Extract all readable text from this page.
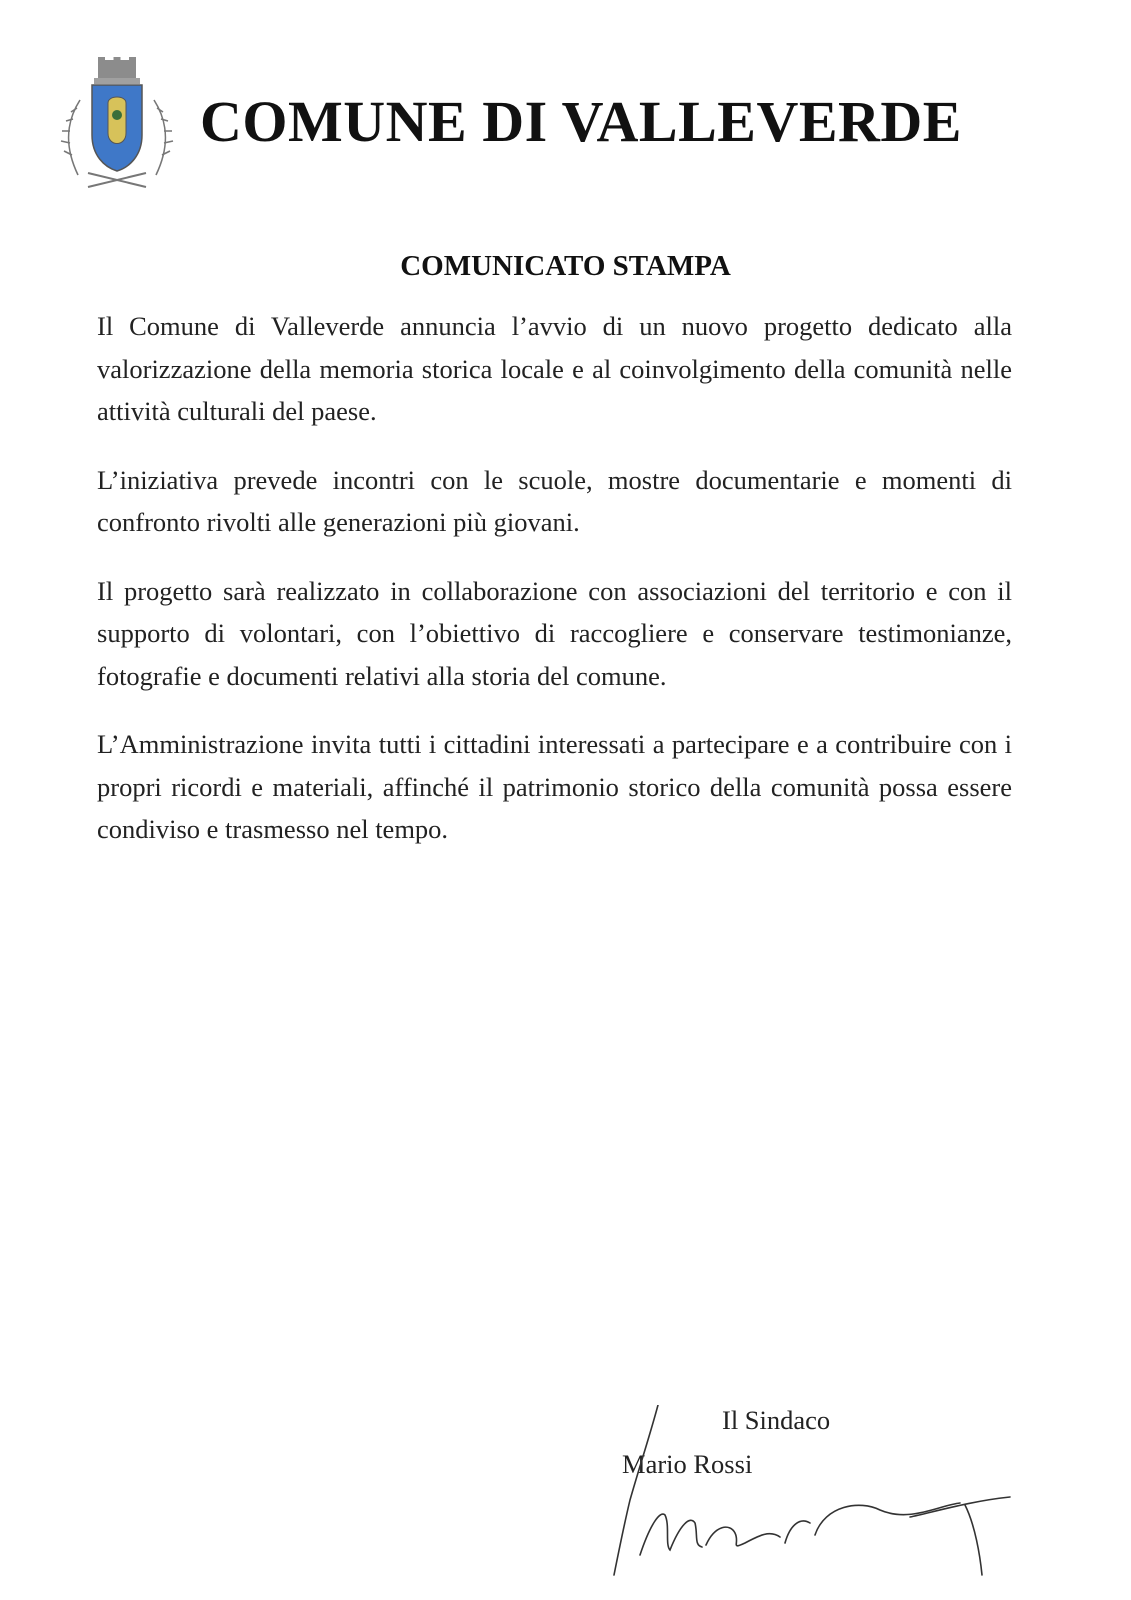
COMUNE DI VALLEVERDE
COMUNICATO STAMPA

Il Comune di Valleverde annuncia l’avvio di un nuovo progetto dedicato alla valorizzazione della memoria storica locale e al coinvolgimento della comunità nelle attività culturali del paese.

L’iniziativa prevede incontri con le scuole, mostre documentarie e momenti di confronto rivolti alle generazioni più giovani.

Il progetto sarà realizzato in collaborazione con associazioni del territorio e con il supporto di volontari, con l’obiettivo di raccogliere e conservare testimonianze, fotografie e documenti relativi alla storia del comune.

L’Amministrazione invita tutti i cittadini interessati a partecipare e a contribuire con i propri ricordi e materiali, affinché il patrimonio storico della comunità possa essere condiviso e trasmesso nel tempo.

Il Sindaco
Mario Rossi
